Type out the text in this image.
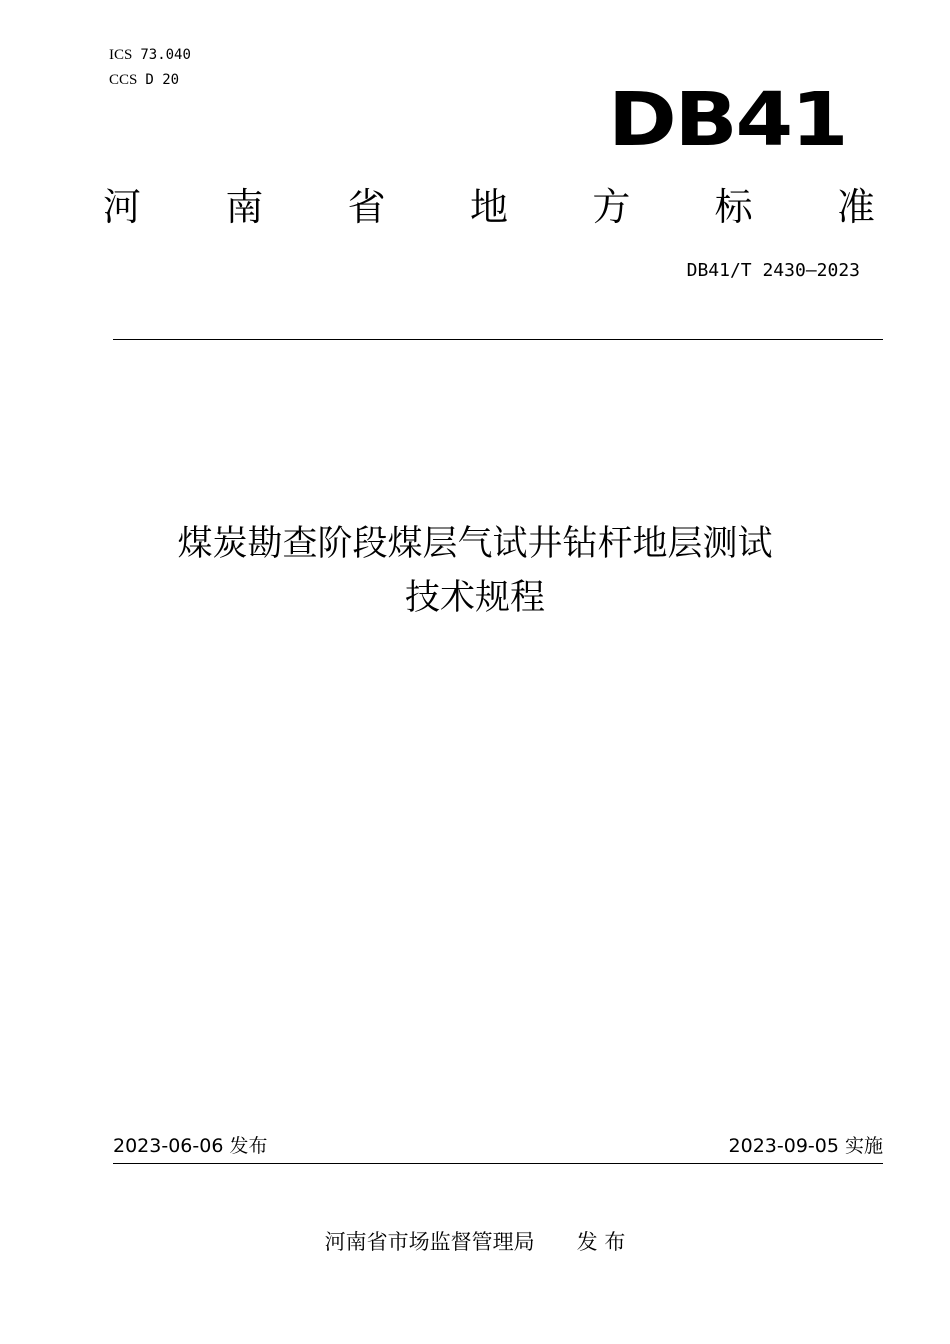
ICS 73.040
CCS D 20	DB41
河 南 省 地 方 标 准
DB41/T 2430—2023
煤炭勘查阶段煤层气试井钻杆地层测试
技术规程
2023-06-06 发布	2023-09-05 实施
河南省市场监督管理局 发 布
